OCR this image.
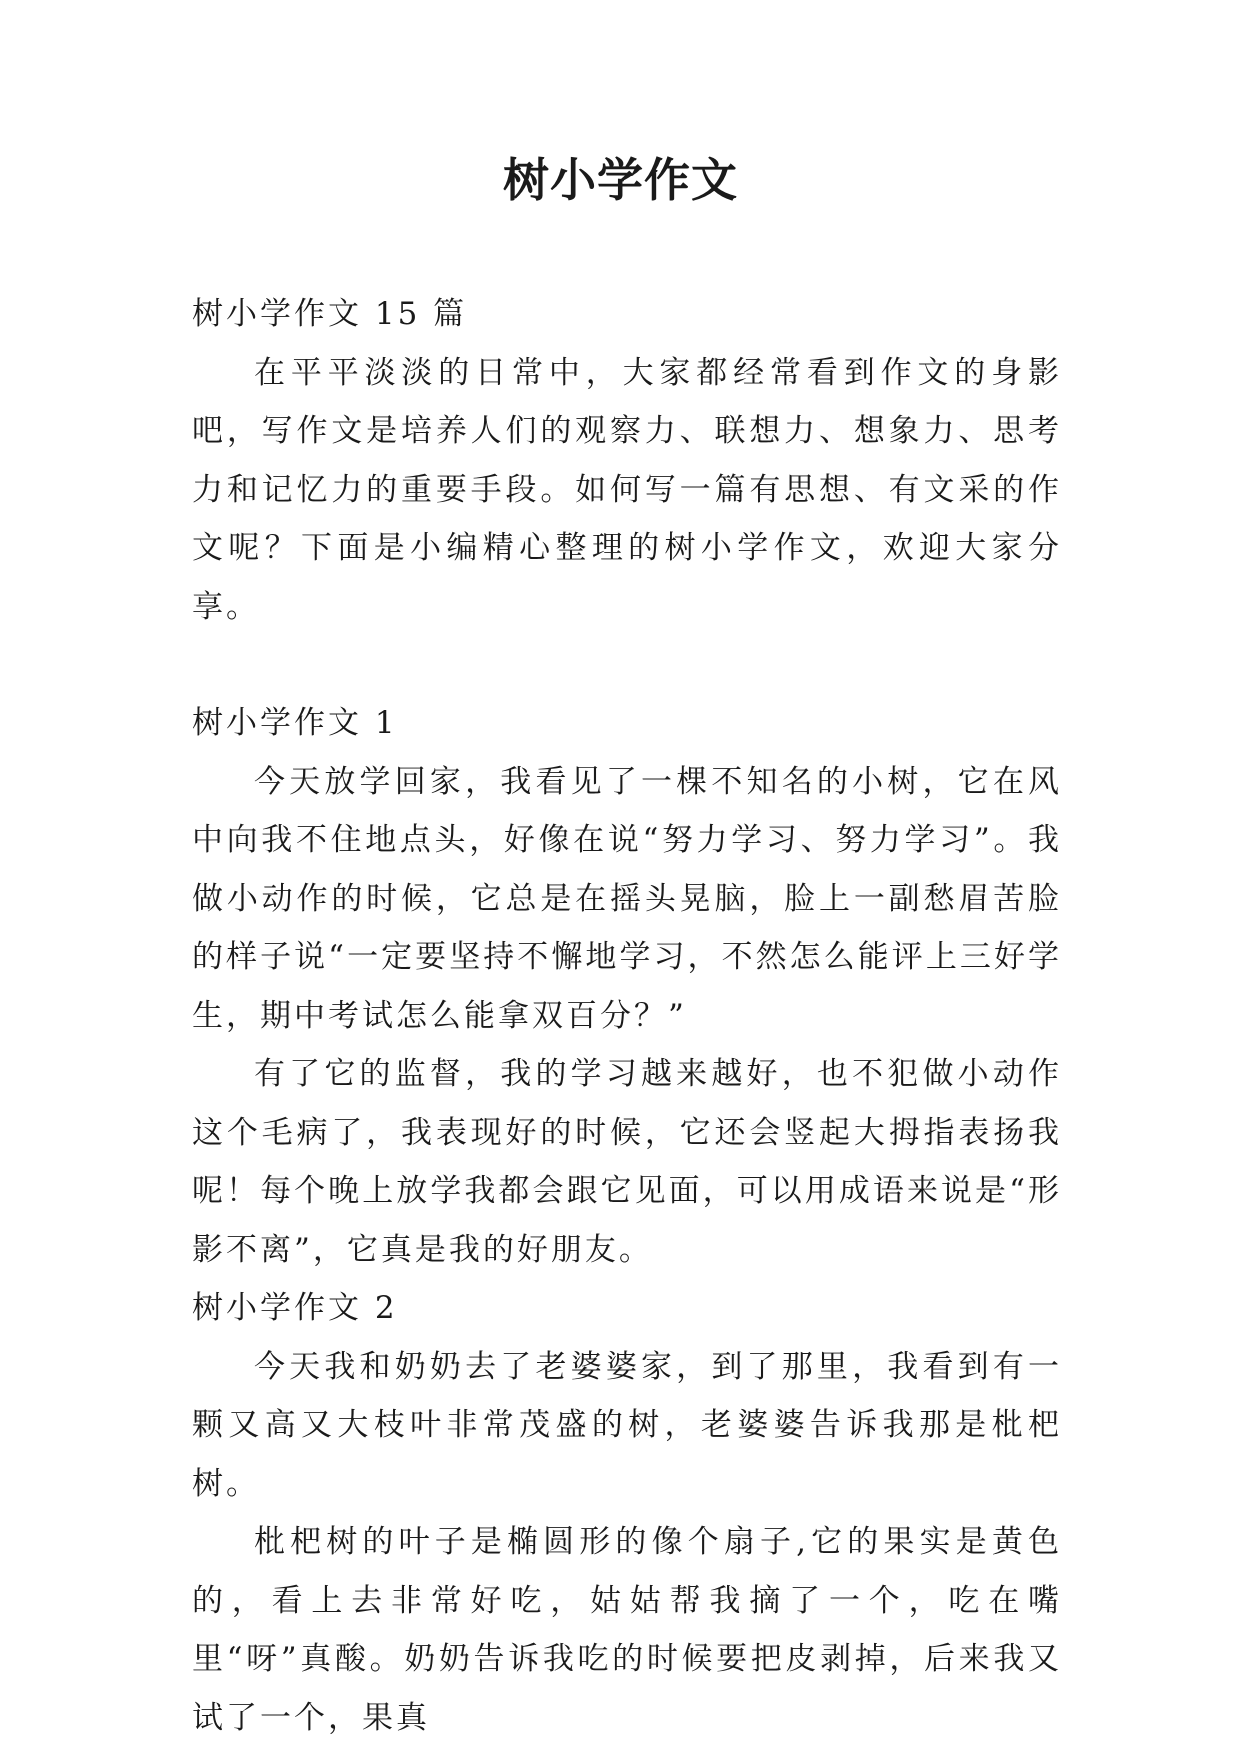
树小学作文

树小学作文 15 篇

在平平淡淡的日常中，大家都经常看到作文的身影吧，写作文是培养人们的观察力、联想力、想象力、思考力和记忆力的重要手段。如何写一篇有思想、有文采的作文呢？下面是小编精心整理的树小学作文，欢迎大家分享。

树小学作文 1

今天放学回家，我看见了一棵不知名的小树，它在风中向我不住地点头，好像在说“努力学习、努力学习”。我做小动作的时候，它总是在摇头晃脑，脸上一副愁眉苦脸的样子说“一定要坚持不懈地学习，不然怎么能评上三好学生，期中考试怎么能拿双百分？”

有了它的监督，我的学习越来越好，也不犯做小动作这个毛病了，我表现好的时候，它还会竖起大拇指表扬我呢！每个晚上放学我都会跟它见面，可以用成语来说是“形影不离”，它真是我的好朋友。

树小学作文 2

今天我和奶奶去了老婆婆家，到了那里，我看到有一颗又高又大枝叶非常茂盛的树，老婆婆告诉我那是枇杷树。

枇杷树的叶子是椭圆形的像个扇子,它的果实是黄色的，看上去非常好吃，姑姑帮我摘了一个，吃在嘴里“呀”真酸。奶奶告诉我吃的时候要把皮剥掉，后来我又试了一个，果真
